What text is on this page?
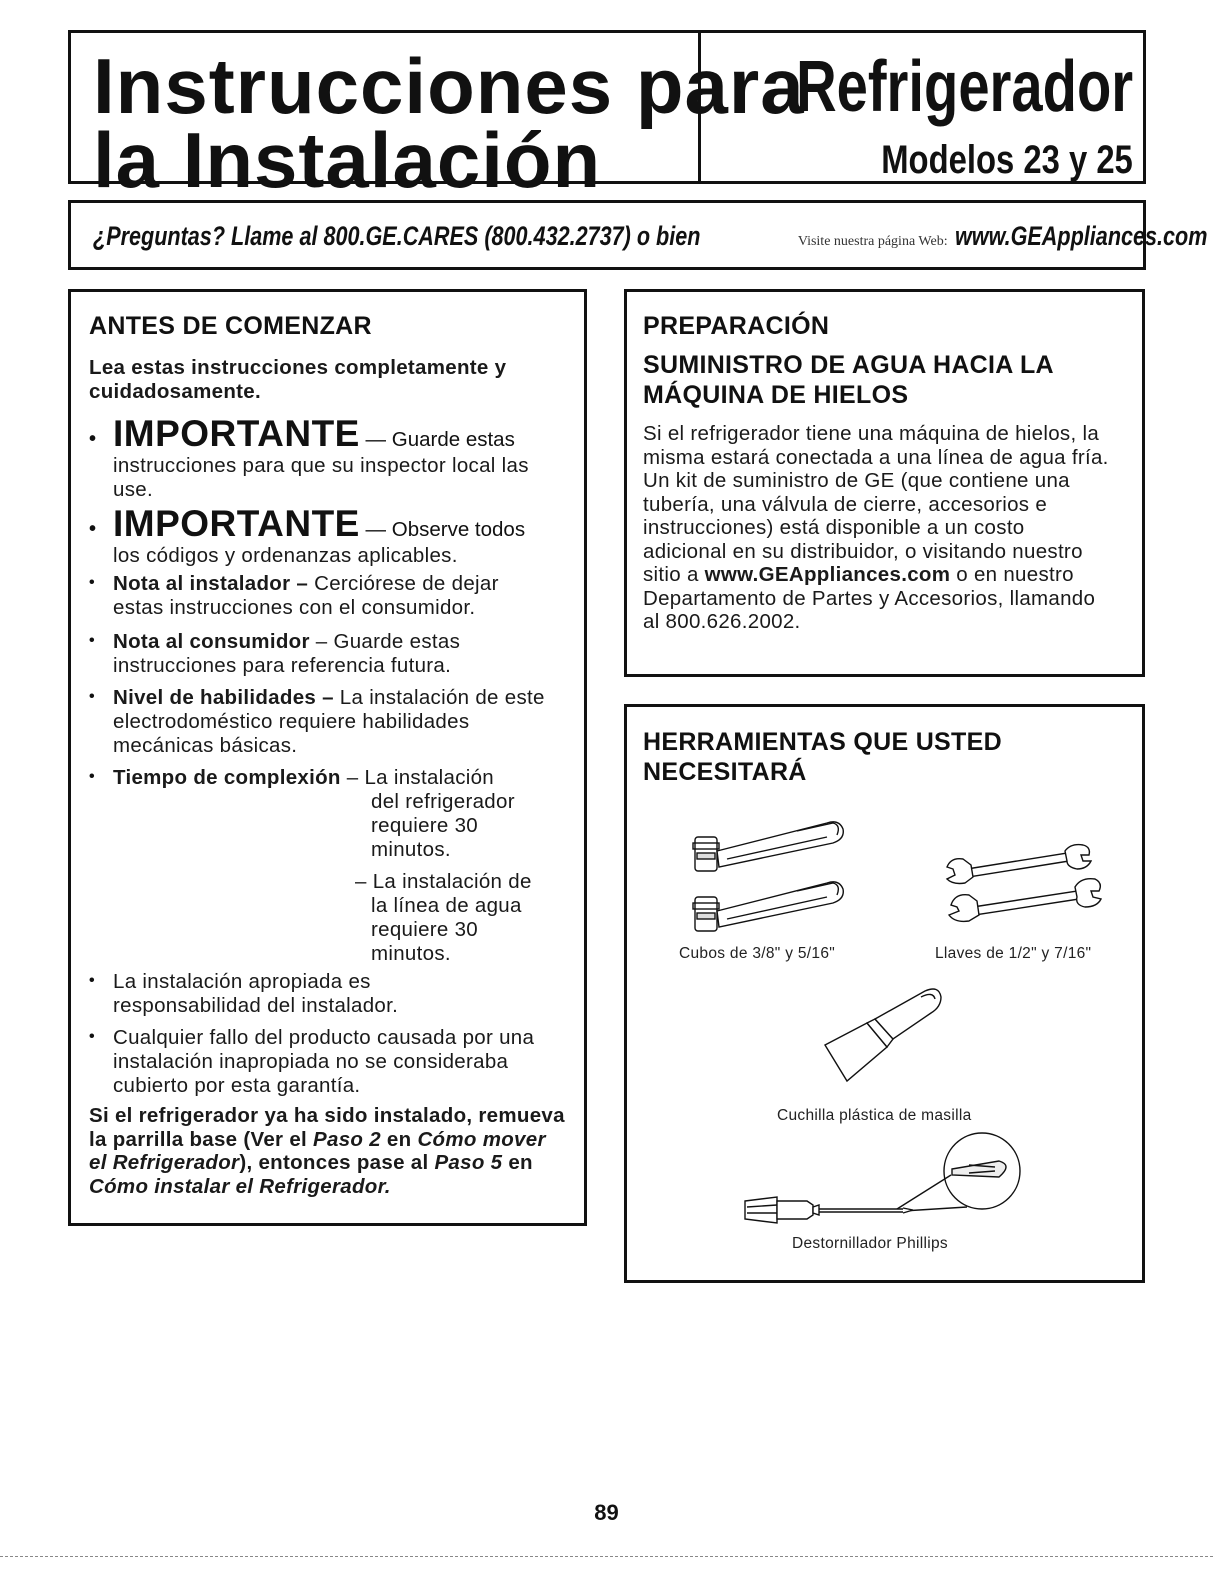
Instrucciones para
la Instalación
Refrigerador
Modelos 23 y 25
¿Preguntas? Llame al 800.GE.CARES (800.432.2737) o bien	Visite nuestra página Web: www.GEAppliances.com
ANTES DE COMENZAR
Lea estas instrucciones completamente y cuidadosamente.
• IMPORTANTE — Guarde estas
instrucciones para que su inspector local las use.
• IMPORTANTE — Observe todos
los códigos y ordenanzas aplicables.
• Nota al instalador – Cerciórese de dejar estas instrucciones con el consumidor.
• Nota al consumidor – Guarde estas instrucciones para referencia futura.
• Nivel de habilidades – La instalación de este electrodoméstico requiere habilidades mecánicas básicas.
• Tiempo de complexión – La instalación
del refrigerador requiere 30 minutos.
– La instalación de
la línea de agua requiere 30 minutos.
• La instalación apropiada es responsabilidad del instalador.
• Cualquier fallo del producto causada por una instalación inapropiada no se consideraba cubierto por esta garantía.
Si el refrigerador ya ha sido instalado, remueva la parrilla base (Ver el Paso 2 en Cómo mover el Refrigerador), entonces pase al Paso 5 en Cómo instalar el Refrigerador.
PREPARACIÓN
SUMINISTRO DE AGUA HACIA LA MÁQUINA DE HIELOS
Si el refrigerador tiene una máquina de hielos, la misma estará conectada a una línea de agua fría. Un kit de suministro de GE (que contiene una tubería, una válvula de cierre, accesorios e instrucciones) está disponible a un costo adicional en su distribuidor, o visitando nuestro sitio a www.GEAppliances.com o en nuestro Departamento de Partes y Accesorios, llamando al 800.626.2002.
HERRAMIENTAS QUE USTED NECESITARÁ
Cubos de 3/8" y 5/16"	Llaves de 1/2" y 7/16"
Cuchilla plástica de masilla
Destornillador Phillips
89
